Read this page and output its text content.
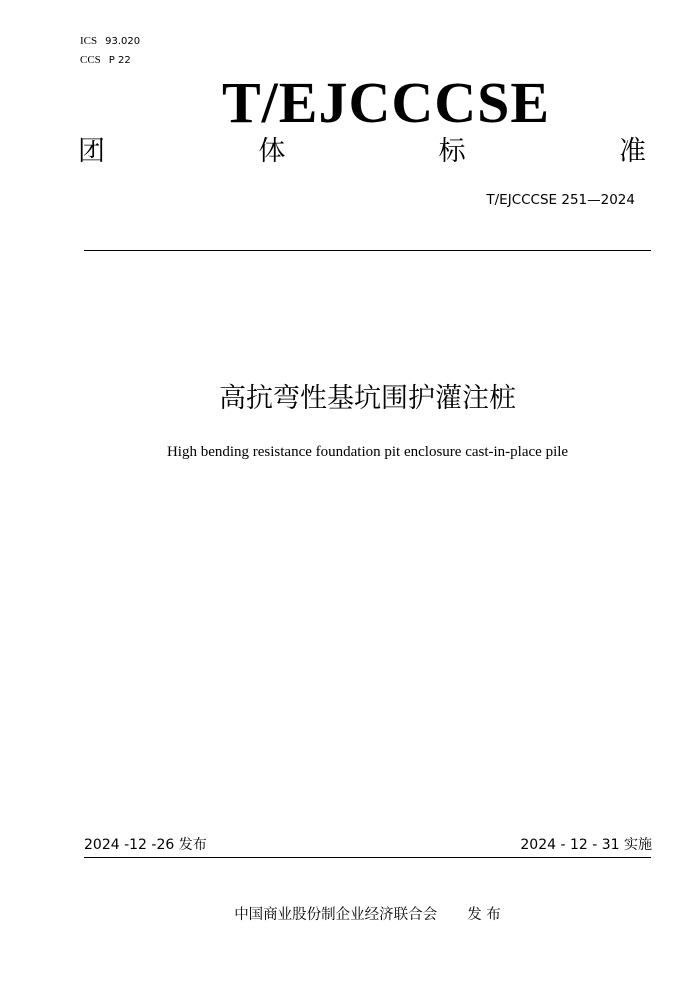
ICS 93.020
CCS P 22
T/EJCCCSE
团	体	标	准
T/EJCCCSE 251—2024
高抗弯性基坑围护灌注桩
High bending resistance foundation pit enclosure cast-in-place pile
2024 -12 -26 发布	2024 - 12 - 31 实施
中国商业股份制企业经济联合会 发 布
